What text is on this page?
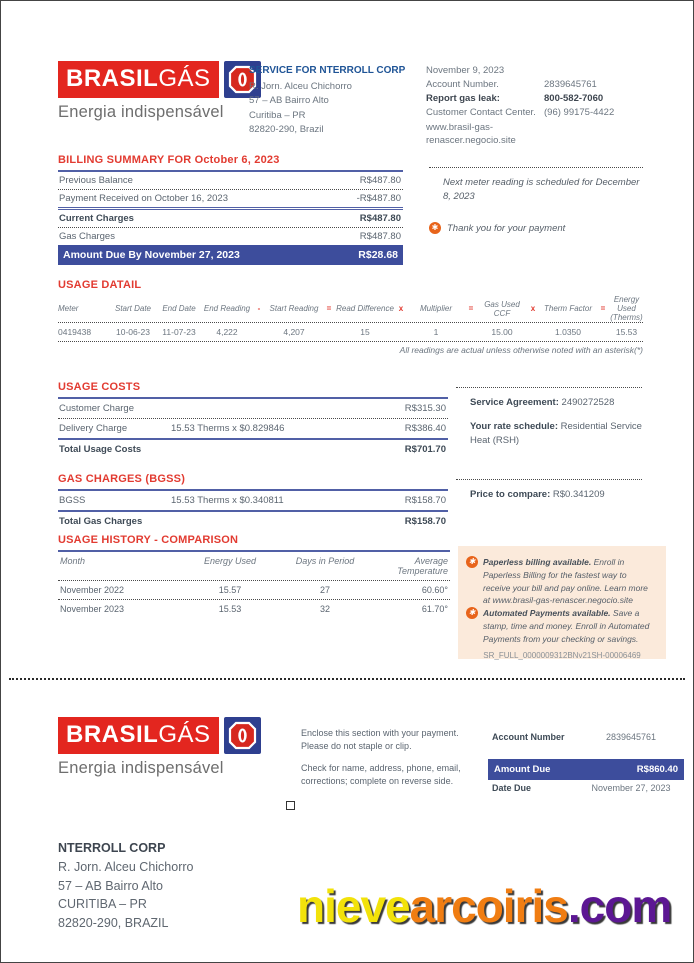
BRASIL GÁS
Energia indispensável
SERVICE FOR NTERROLL CORP
R. Jorn. Alceu Chichorro
57 – AB Bairro Alto
Curitiba – PR
82820-290, Brazil
November 9, 2023
Account Number.	2839645761
Report gas leak:	800-582-7060
Customer Contact Center. (96) 99175-4422
www.brasil-gas-renascer.negocio.site
BILLING SUMMARY FOR October 6, 2023
Previous Balance	R$487.80
Payment Received on October 16, 2023	-R$487.80
Current Charges	R$487.80
Gas Charges	R$487.80
Amount Due By November 27, 2023	R$28.68
Next meter reading is scheduled for December 8, 2023
✱ Thank you for your payment
USAGE DATAIL
Meter	Start Date	End Date	End Reading -	Start Reading	= Read Difference x	Multiplier	=	Gas Used CCF	x	Therm Factor	=
Energy Used (Therms)
0419438	10-06-23	11-07-23	4,222	4,207	15	1	15.00	1.0350	15.53
All readings are actual unless otherwise noted with an asterisk(*)
USAGE COSTS
Customer Charge	R$315.30
Delivery Charge	15.53 Therms x $0.829846	R$386.40
Total Usage Costs	R$701.70
GAS CHARGES (BGSS)
BGSS	15.53 Therms x $0.340811	R$158.70
Total Gas Charges	R$158.70

Service Agreement: 2490272528

Your rate schedule: Residential Service Heat (RSH)

Price to compare: R$0.341209

USAGE HISTORY - COMPARISON
Month	Energy Used	Days in Period	Average Temperature
November 2022	15.57	27	60.60°
November 2023	15.53	32	61.70°
✱ Paperless billing available. Enroll in Paperless Billing for the fastest way to receive your bill and pay online. Learn more at www.brasil-gas-renascer.negocio.site
✱ Automated Payments available. Save a stamp, time and money. Enroll in Automated Payments from your checking or savings.
SR_FULL_0000009312BNv21SH-00006469
BRASIL GÁS
Energia indispensável

Enclose this section with your payment. Please do not staple or clip.

Check for name, address, phone, email, corrections; complete on reverse side.

Account Number	2839645761
Amount Due	R$860.40
Date Due	November 27, 2023
NTERROLL CORP
R. Jorn. Alceu Chichorro
57 – AB Bairro Alto
CURITIBA – PR
82820-290, BRAZIL	nievearcoiris.com
